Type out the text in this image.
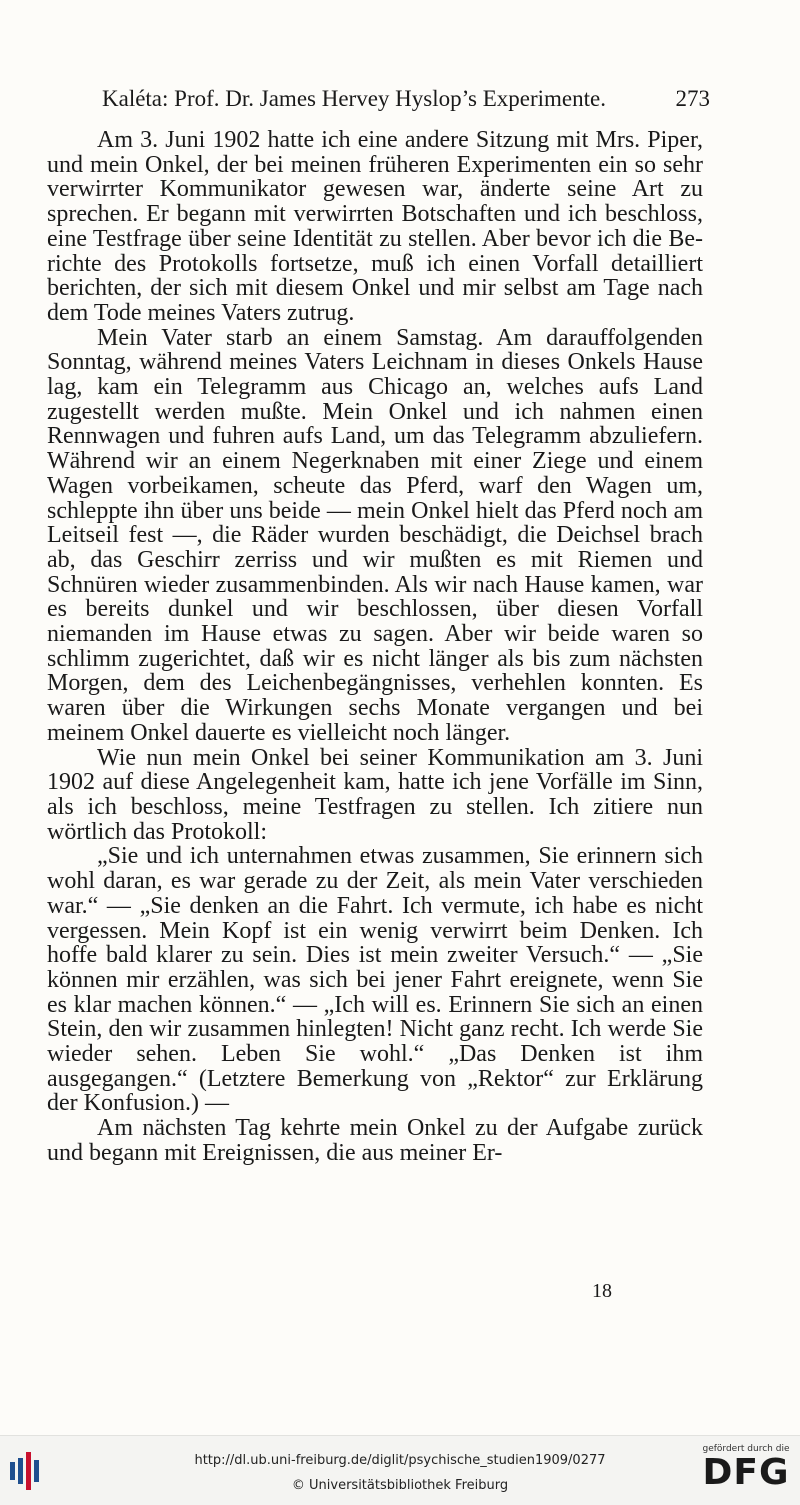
Kaléta: Prof. Dr. James Hervey Hyslop’s Experimente.	273

Am 3. Juni 1902 hatte ich eine andere Sitzung mit Mrs. Piper, und mein Onkel, der bei meinen früheren Experimenten ein so sehr verwirrter Kommunikator gewesen war, änderte seine Art zu sprechen. Er begann mit verwirrten Botschaften und ich beschloss, eine Testfrage über seine Identität zu stellen. Aber bevor ich die Berichte des Protokolls fortsetze, muß ich einen Vorfall detailliert berichten, der sich mit diesem Onkel und mir selbst am Tage nach dem Tode meines Vaters zutrug.

Mein Vater starb an einem Samstag. Am darauffolgenden Sonntag, während meines Vaters Leichnam in dieses Onkels Hause lag, kam ein Telegramm aus Chicago an, welches aufs Land zugestellt werden mußte. Mein Onkel und ich nahmen einen Rennwagen und fuhren aufs Land, um das Telegramm abzuliefern. Während wir an einem Negerknaben mit einer Ziege und einem Wagen vorbeikamen, scheute das Pferd, warf den Wagen um, schleppte ihn über uns beide — mein Onkel hielt das Pferd noch am Leitseil fest —, die Räder wurden beschädigt, die Deichsel brach ab, das Geschirr zerriss und wir mußten es mit Riemen und Schnüren wieder zusammenbinden. Als wir nach Hause kamen, war es bereits dunkel und wir beschlossen, über diesen Vorfall niemanden im Hause etwas zu sagen. Aber wir beide waren so schlimm zugerichtet, daß wir es nicht länger als bis zum nächsten Morgen, dem des Leichenbegängnisses, verhehlen konnten. Es waren über die Wirkungen sechs Monate vergangen und bei meinem Onkel dauerte es vielleicht noch länger.

Wie nun mein Onkel bei seiner Kommunikation am 3. Juni 1902 auf diese Angelegenheit kam, hatte ich jene Vorfälle im Sinn, als ich beschloss, meine Testfragen zu stellen. Ich zitiere nun wörtlich das Protokoll:

„Sie und ich unternahmen etwas zusammen, Sie erinnern sich wohl daran, es war gerade zu der Zeit, als mein Vater verschieden war.“ — „Sie denken an die Fahrt. Ich vermute, ich habe es nicht vergessen. Mein Kopf ist ein wenig verwirrt beim Denken. Ich hoffe bald klarer zu sein. Dies ist mein zweiter Versuch.“ — „Sie können mir erzählen, was sich bei jener Fahrt ereignete, wenn Sie es klar machen können.“ — „Ich will es. Erinnern Sie sich an einen Stein, den wir zusammen hinlegten! Nicht ganz recht. Ich werde Sie wieder sehen. Leben Sie wohl.“ „Das Denken ist ihm ausgegangen.“ (Letztere Bemerkung von „Rektor“ zur Erklärung der Konfusion.) —

Am nächsten Tag kehrte mein Onkel zu der Aufgabe zurück und begann mit Ereignissen, die aus meiner Er-

18
http://dl.ub.uni-freiburg.de/diglit/psychische_studien1909/0277
© Universitätsbibliothek Freiburg
gefördert durch die
DFG
